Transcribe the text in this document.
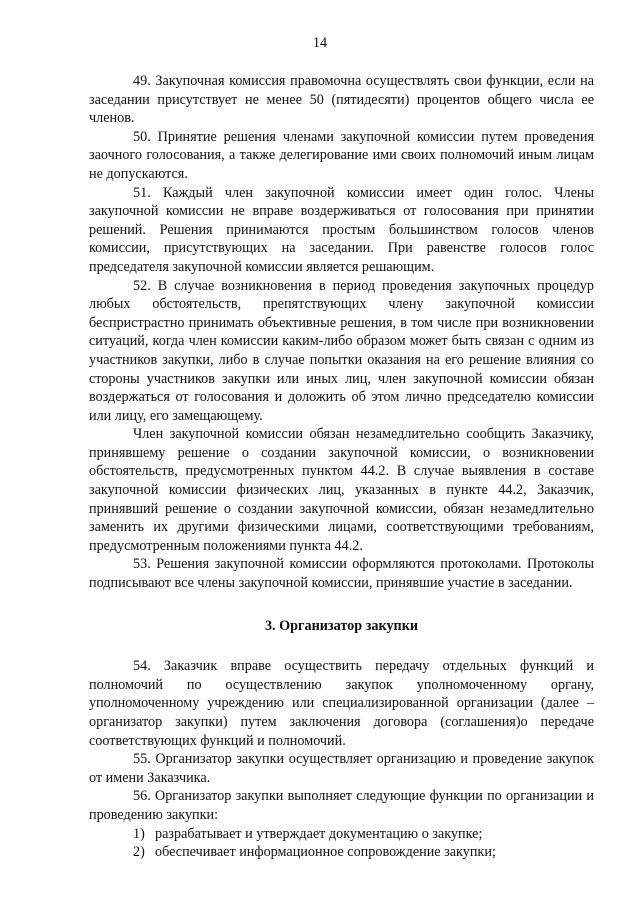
14

49. Закупочная комиссия правомочна осуществлять свои функции, если на заседании присутствует не менее 50 (пятидесяти) процентов общего числа ее членов.

50. Принятие решения членами закупочной комиссии путем проведения заочного голосования, а также делегирование ими своих полномочий иным лицам не допускаются.

51. Каждый член закупочной комиссии имеет один голос. Члены закупочной комиссии не вправе воздерживаться от голосования при принятии решений. Решения принимаются простым большинством голосов членов комиссии, присутствующих на заседании. При равенстве голосов голос председателя закупочной комиссии является решающим.

52. В случае возникновения в период проведения закупочных процедур любых обстоятельств, препятствующих члену закупочной комиссии беспристрастно принимать объективные решения, в том числе при возникновении ситуаций, когда член комиссии каким-либо образом может быть связан с одним из участников закупки, либо в случае попытки оказания на его решение влияния со стороны участников закупки или иных лиц, член закупочной комиссии обязан воздержаться от голосования и доложить об этом лично председателю комиссии или лицу, его замещающему.

Член закупочной комиссии обязан незамедлительно сообщить Заказчику, принявшему решение о создании закупочной комиссии, о возникновении обстоятельств, предусмотренных пунктом 44.2. В случае выявления в составе закупочной комиссии физических лиц, указанных в пункте 44.2, Заказчик, принявший решение о создании закупочной комиссии, обязан незамедлительно заменить их другими физическими лицами, соответствующими требованиям, предусмотренным положениями пункта 44.2.

53. Решения закупочной комиссии оформляются протоколами. Протоколы подписывают все члены закупочной комиссии, принявшие участие в заседании.

3. Организатор закупки

54. Заказчик вправе осуществить передачу отдельных функций и полномочий по осуществлению закупок уполномоченному органу, уполномоченному учреждению или специализированной организации (далее – организатор закупки) путем заключения договора (соглашения)о передаче соответствующих функций и полномочий.

55. Организатор закупки осуществляет организацию и проведение закупок от имени Заказчика.

56. Организатор закупки выполняет следующие функции по организации и проведению закупки:

1) разрабатывает и утверждает документацию о закупке;
2) обеспечивает информационное сопровождение закупки;
